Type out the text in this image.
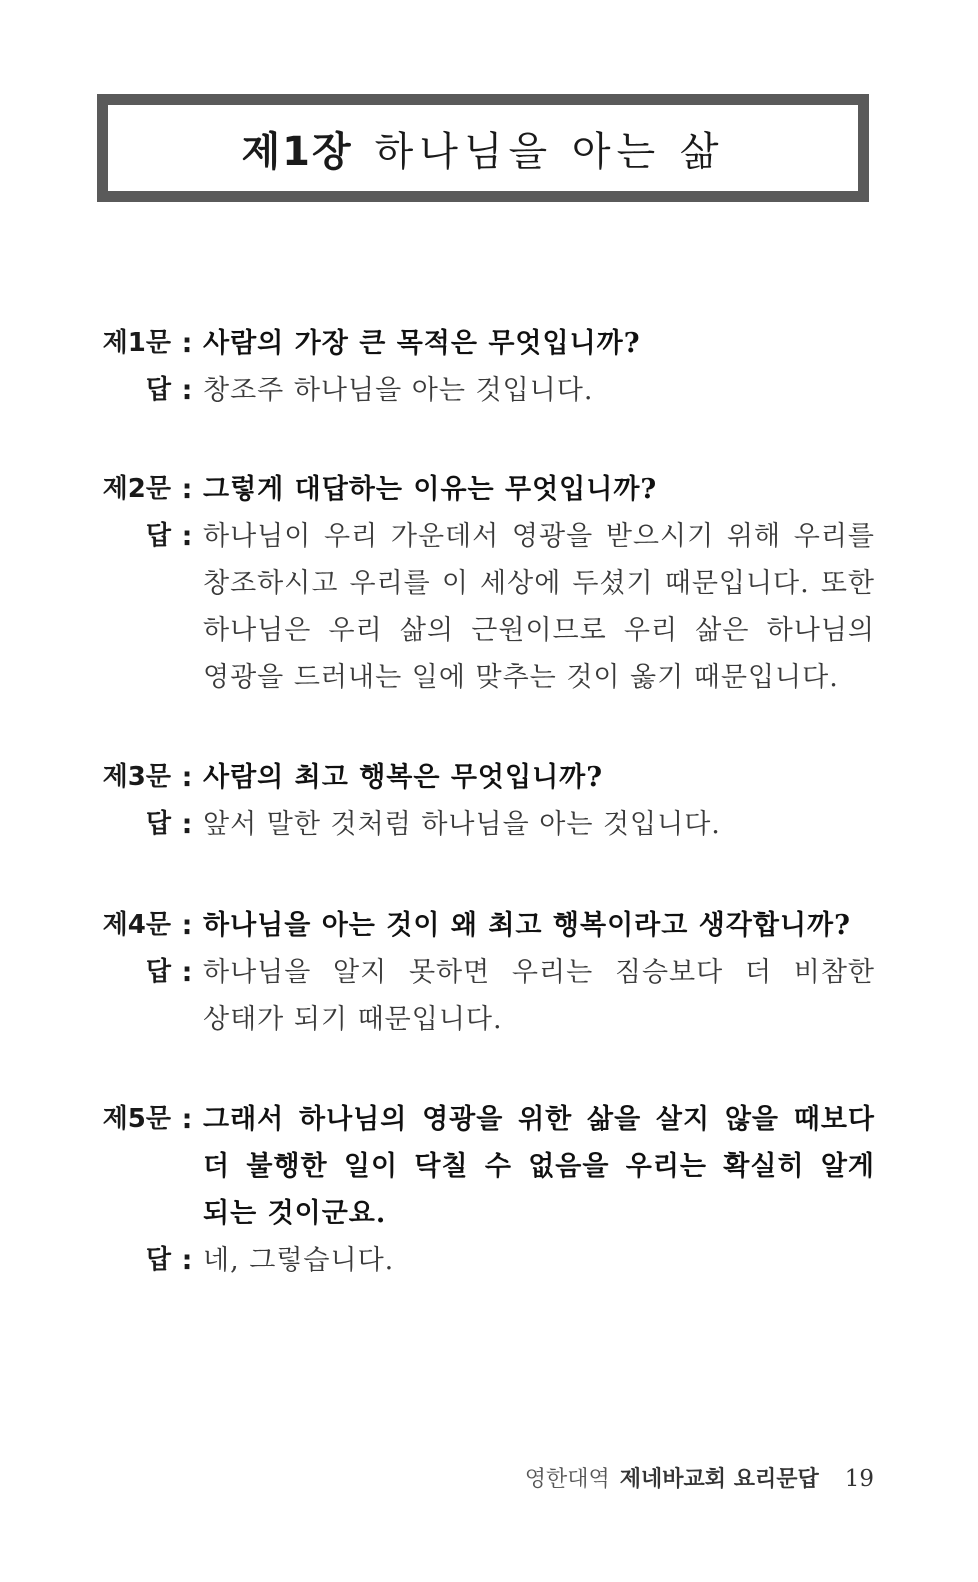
제1장 하나님을 아는 삶
제1문 : 사람의 가장 큰 목적은 무엇입니까?
답 : 창조주 하나님을 아는 것입니다.
제2문 : 그렇게 대답하는 이유는 무엇입니까?
답 : 하나님이 우리 가운데서 영광을 받으시기 위해 우리를 창조하시고 우리를 이 세상에 두셨기 때문입니다. 또한 하나님은 우리 삶의 근원이므로 우리 삶은 하나님의 영광을 드러내는 일에 맞추는 것이 옳기 때문입니다.
제3문 : 사람의 최고 행복은 무엇입니까?
답 : 앞서 말한 것처럼 하나님을 아는 것입니다.
제4문 : 하나님을 아는 것이 왜 최고 행복이라고 생각합니까?
답 : 하나님을 알지 못하면 우리는 짐승보다 더 비참한 상태가 되기 때문입니다.
제5문 : 그래서 하나님의 영광을 위한 삶을 살지 않을 때보다 더 불행한 일이 닥칠 수 없음을 우리는 확실히 알게 되는 것이군요.
답 : 네, 그렇습니다.
영한대역 제네바교회 요리문답 19
